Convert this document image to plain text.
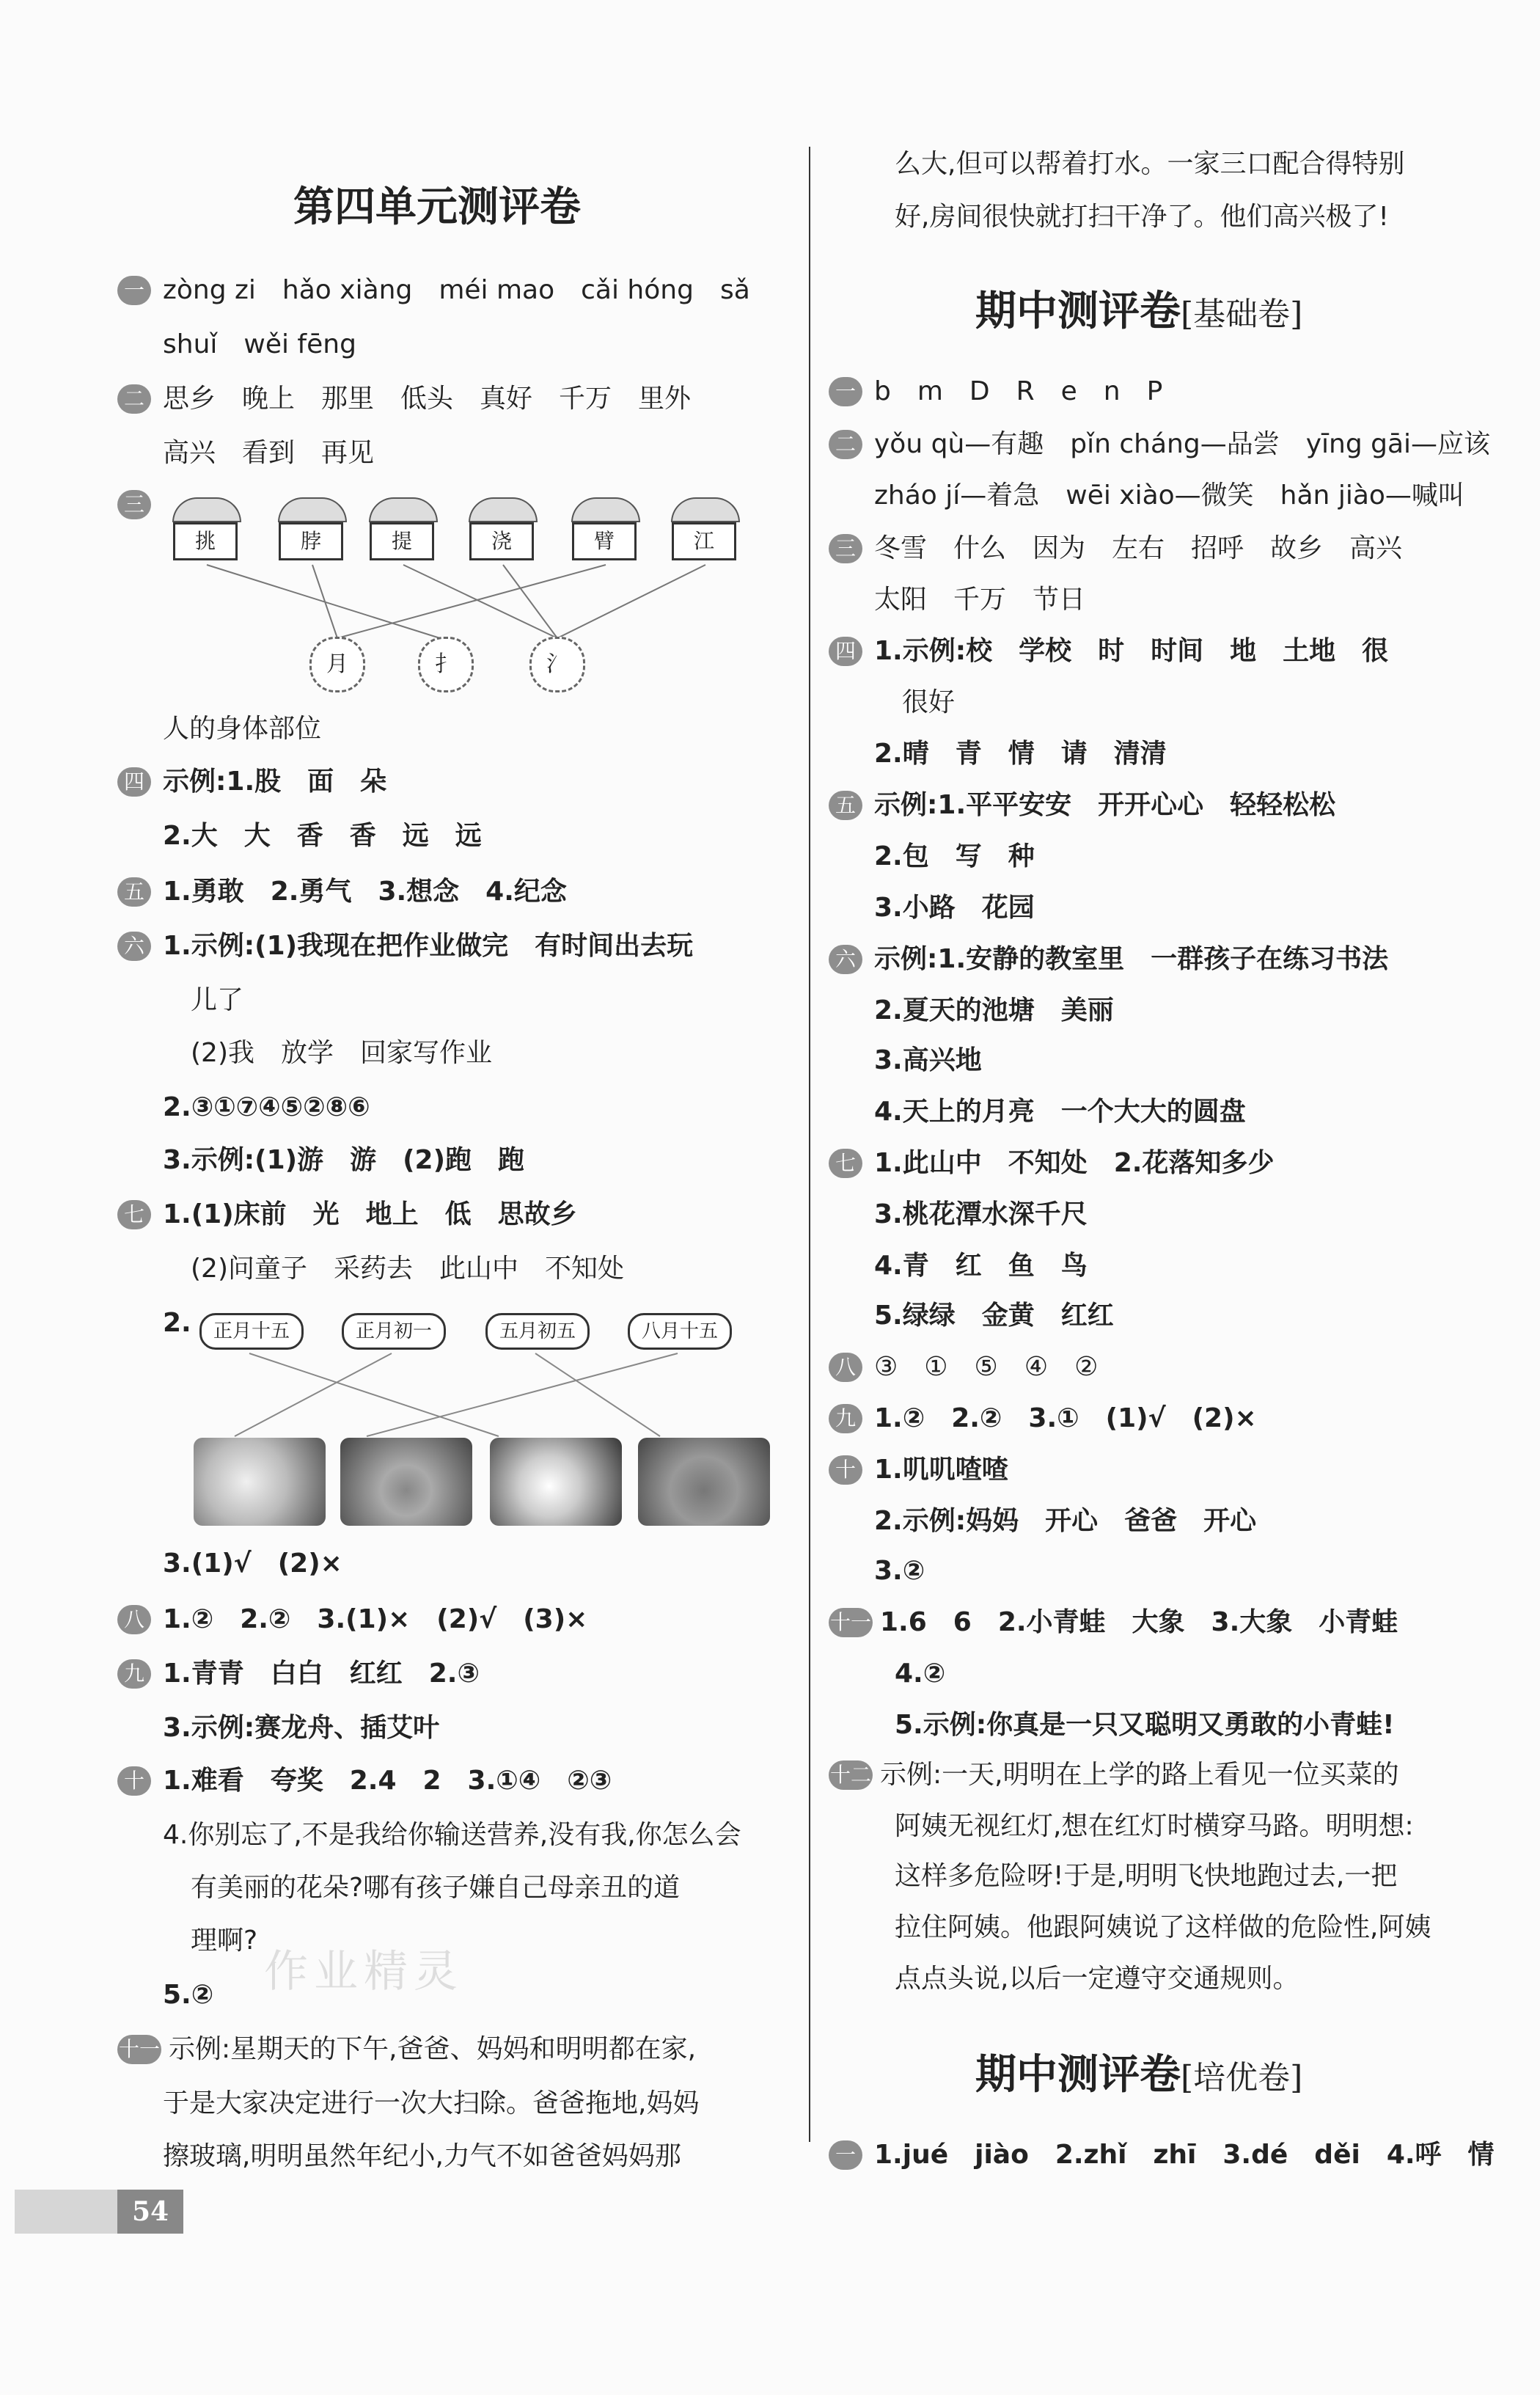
第四单元测评卷
一 zòng zi　hǎo xiàng　méi mao　cǎi hóng　sǎ
shuǐ　wěi fēng
二 思乡　晚上　那里　低头　真好　千万　里外
高兴　看到　再见
三
挑	脖	提	浇	臂	江
月	扌	氵
人的身体部位
四 示例:1.股　面　朵
2.大　大　香　香　远　远
五 1.勇敢　2.勇气　3.想念　4.纪念
六 1.示例:(1)我现在把作业做完　有时间出去玩
儿了
(2)我　放学　回家写作业
2.③①⑦④⑤②⑧⑥
3.示例:(1)游　游　(2)跑　跑
七 1.(1)床前　光　地上　低　思故乡
(2)问童子　采药去　此山中　不知处
2.	正月十五	正月初一	五月初五	八月十五
3.(1)√　(2)×
八 1.②　2.②　3.(1)×　(2)√　(3)×
九 1.青青　白白　红红　2.③
3.示例:赛龙舟、插艾叶
十 1.难看　夸奖　2.4　2　3.①④　②③
4.你别忘了,不是我给你输送营养,没有我,你怎么会
有美丽的花朵?哪有孩子嫌自己母亲丑的道
理啊?
5.②
十一 示例:星期天的下午,爸爸、妈妈和明明都在家,
于是大家决定进行一次大扫除。爸爸拖地,妈妈
擦玻璃,明明虽然年纪小,力气不如爸爸妈妈那
作业精灵
54
么大,但可以帮着打水。一家三口配合得特别
好,房间很快就打扫干净了。他们高兴极了!
期中测评卷[基础卷]
一 b　m　D　R　e　n　P
二 yǒu qù—有趣　pǐn cháng—品尝　yīng gāi—应该
zháo jí—着急　wēi xiào—微笑　hǎn jiào—喊叫
三 冬雪　什么　因为　左右　招呼　故乡　高兴
太阳　千万　节日
四 1.示例:校　学校　时　时间　地　土地　很
很好
2.晴　青　情　请　清清
五 示例:1.平平安安　开开心心　轻轻松松
2.包　写　种
3.小路　花园
六 示例:1.安静的教室里　一群孩子在练习书法
2.夏天的池塘　美丽
3.高兴地
4.天上的月亮　一个大大的圆盘
七 1.此山中　不知处　2.花落知多少
3.桃花潭水深千尺
4.青　红　鱼　鸟
5.绿绿　金黄　红红
八 ③　①　⑤　④　②
九 1.②　2.②　3.①　(1)√　(2)×
十 1.叽叽喳喳
2.示例:妈妈　开心　爸爸　开心
3.②
十一 1.6　6　2.小青蛙　大象　3.大象　小青蛙
4.②
5.示例:你真是一只又聪明又勇敢的小青蛙!
十二 示例:一天,明明在上学的路上看见一位买菜的
阿姨无视红灯,想在红灯时横穿马路。明明想:
这样多危险呀!于是,明明飞快地跑过去,一把
拉住阿姨。他跟阿姨说了这样做的危险性,阿姨
点点头说,以后一定遵守交通规则。
期中测评卷[培优卷]
一 1.jué　jiào　2.zhǐ　zhī　3.dé　děi　4.呼　情
